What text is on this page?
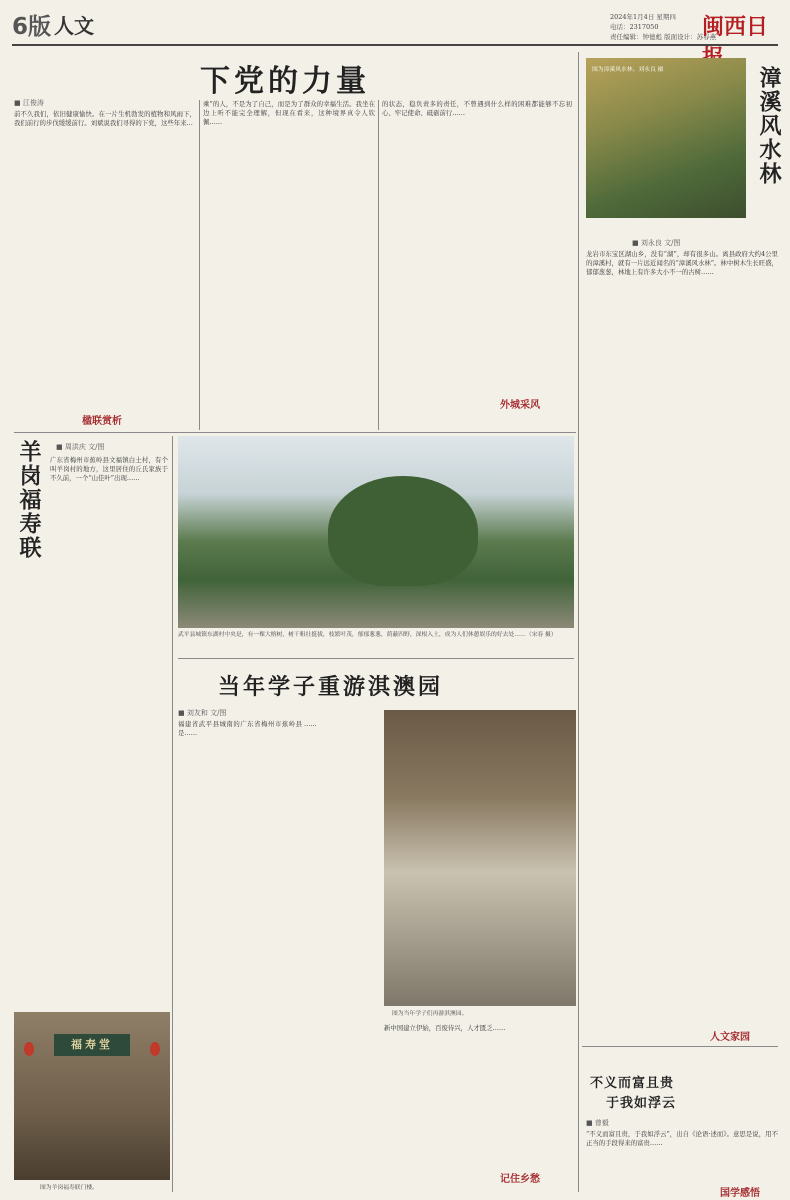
6版 人文	2024年1月4日 星期四
电话：2317050
责任编辑：钟德彪 版面设计：苏春燕
闽西日
下党的力量
■ 江俊涛
前不久我们，依旧健康愉快。在一片生机勃发的植物和风雨下，我们前行的步伐缓缓前行。刘斌说我们寻得的下党，这些年来…
乘”的人，不是为了自己，而是为了群众的幸福生活。我坐在边上听不能完全理解，但现在看来，这种境界真令人钦佩……
的状态，稳负责多的责任，不曾遇到什么样的困难都能够不忘初心、牢记使命、砥砺前行……
外城采风
图为漳溪风水林。刘永良 摄	漳溪风水林
■ 刘永良 文/图
龙岩市东宝区湖山乡，没有“湖”，却有很多山。离县政府大约4公里的漳溪村，就有一片远近闻名的“漳溪风水林”。林中树木生长旺盛，郁郁葱葱，林地上有许多大小不一的古树……
人文家园
楹联赏析
羊岗福寿联	■ 周洪庆 文/图
广东省梅州市蕉岭县文福镇白土村，有个叫羊岗村的地方，这里居住的丘氏家族于不久前，一个“山佳叶”出现……
福寿堂
图为羊岗福寿联门楼。
武平县城镇东湖村中央是，有一棵大榕树，树干粗壮挺拔，枝繁叶茂，郁郁葱葱，荫蔽四野，深根入土，成为人们休憩娱乐的好去处……（宋春 摄）
当年学子重游淇澳园
■ 刘友和 文/图
福建省武平县城南的广东省梅州市蕉岭县是……
……
图为当年学子们再游淇澳园。
新中国建立伊始，百废待兴，人才匮乏……
记住乡愁
不义而富且贵
于我如浮云
■ 曾毅
“不义而富且贵，于我如浮云”，出自《论语·述而》。意思是说，用不正当的手段得来的富贵……
国学感悟
